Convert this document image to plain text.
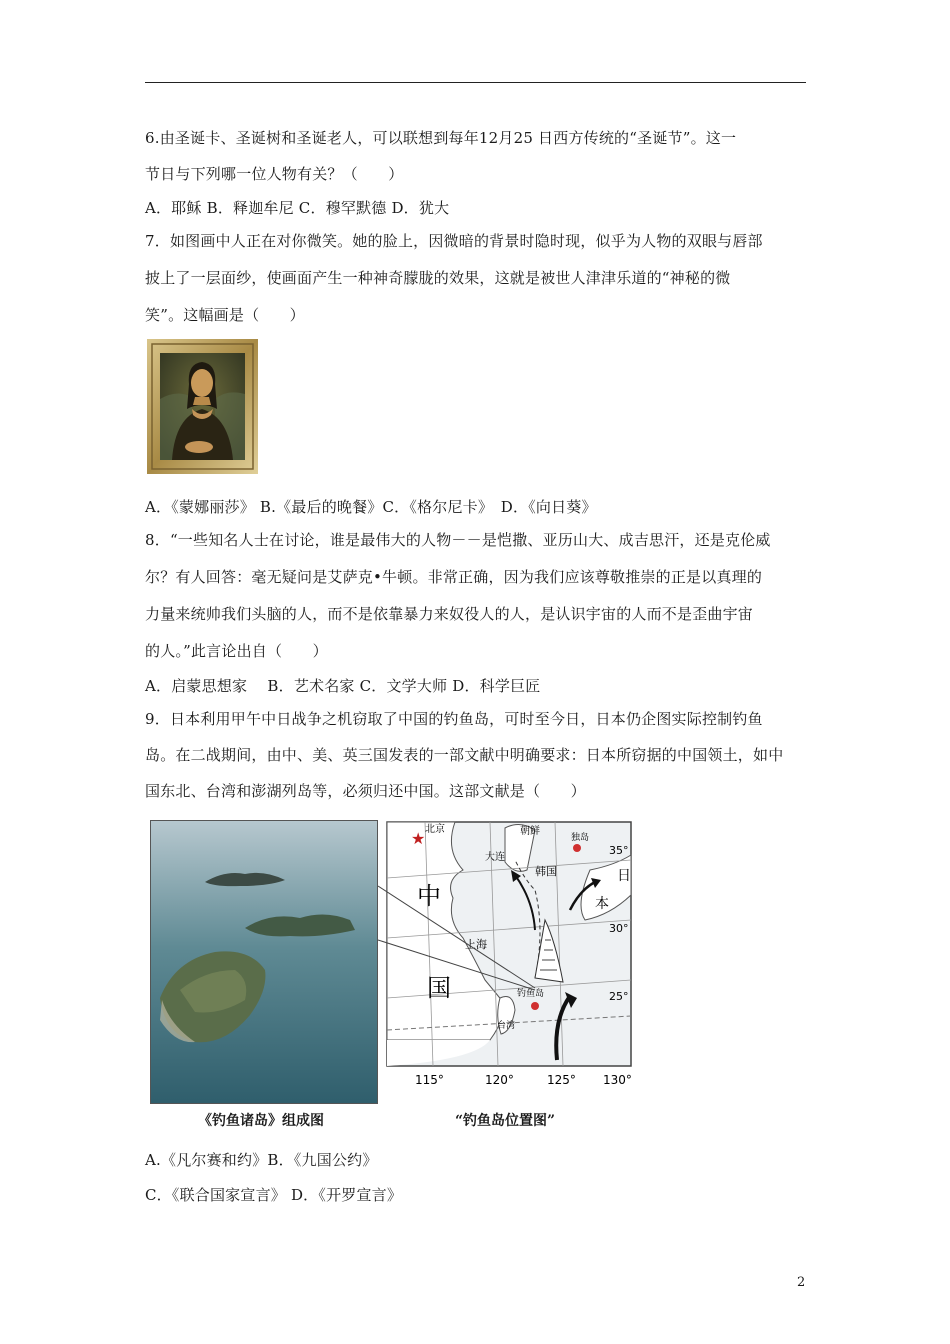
6.由圣诞卡、圣诞树和圣诞老人，可以联想到每年12月25 日西方传统的“圣诞节”。这一
节日与下列哪一位人物有关？（　　）
A．耶稣 B．释迦牟尼 C．穆罕默德 D．犹大
7．如图画中人正在对你微笑。她的脸上，因微暗的背景时隐时现，似乎为人物的双眼与唇部
披上了一层面纱，使画面产生一种神奇朦胧的效果，这就是被世人津津乐道的“神秘的微
笑”。这幅画是（　　）
A．《蒙娜丽莎》 B.《最后的晚餐》C．《格尔尼卡》　D．《向日葵》
8．“一些知名人士在讨论，谁是最伟大的人物－－是恺撒、亚历山大、成吉思汗，还是克伦威
尔？有人回答：毫无疑问是艾萨克•牛顿。非常正确，因为我们应该尊敬推崇的正是以真理的
力量来统帅我们头脑的人，而不是依靠暴力来奴役人的人，是认识宇宙的人而不是歪曲宇宙
的人。”此言论出自（　　）
A．启蒙思想家　 B．艺术名家 C．文学大师 D．科学巨匠
9．日本利用甲午中日战争之机窃取了中国的钓鱼岛，可时至今日，日本仍企图实际控制钓鱼
岛。在二战期间，由中、美、英三国发表的一部文献中明确要求：日本所窃据的中国领土，如中
国东北、台湾和澎湖列岛等，必须归还中国。这部文献是（　　）
★ 北京	朝鲜
大连
独岛
韩国	日
本
中
国
上海
钓鱼岛
台湾
35°
30°
25°
115°	120°	125° 130°
《钓鱼诸岛》组成图	“钓鱼岛位置图”
A.《凡尔赛和约》B．《九国公约》
C．《联合国家宣言》 D．《开罗宣言》
2
